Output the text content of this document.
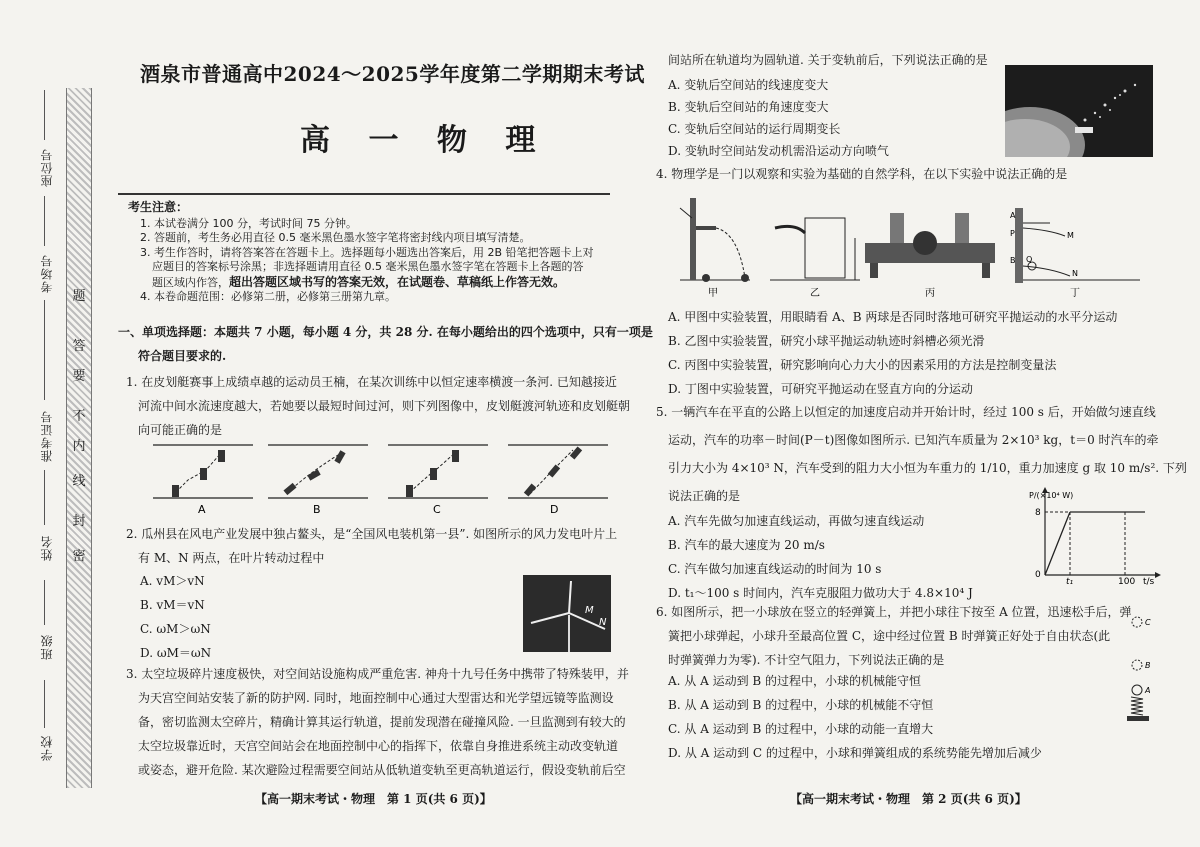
题
答
要
不
内
线
封
密
座位号
考场号
准考证号
姓名
班级
学校
酒泉市普通高中2024～2025学年度第二学期期末考试
高 一 物 理
考生注意：
1. 本试卷满分 100 分，考试时间 75 分钟。
2. 答题前，考生务必用直径 0.5 毫米黑色墨水签字笔将密封线内项目填写清楚。
3. 考生作答时，请将答案答在答题卡上。选择题每小题选出答案后，用 2B 铅笔把答题卡上对
应题目的答案标号涂黑；非选择题请用直径 0.5 毫米黑色墨水签字笔在答题卡上各题的答
题区域内作答，超出答题区域书写的答案无效，在试题卷、草稿纸上作答无效。
4. 本卷命题范围：必修第二册，必修第三册第九章。
一、单项选择题：本题共 7 小题，每小题 4 分，共 28 分. 在每小题给出的四个选项中，只有一项是
符合题目要求的.
1. 在皮划艇赛事上成绩卓越的运动员王楠，在某次训练中以恒定速率横渡一条河. 已知越接近
河流中间水流速度越大，若她要以最短时间过河，则下列图像中，皮划艇渡河轨迹和皮划艇朝
向可能正确的是
A	B	C	D
2. 瓜州县在风电产业发展中独占鳌头，是“全国风电装机第一县”. 如图所示的风力发电叶片上
有 M、N 两点，在叶片转动过程中
A. vM＞vN
B. vM＝vN
C. ωM＞ωN
D. ωM＝ωN
M
N
3. 太空垃圾碎片速度极快，对空间站设施构成严重危害. 神舟十九号任务中携带了特殊装甲，并
为天宫空间站安装了新的防护网. 同时，地面控制中心通过大型雷达和光学望远镜等监测设
备，密切监测太空碎片，精确计算其运行轨道，提前发现潜在碰撞风险. 一旦监测到有较大的
太空垃圾靠近时，天宫空间站会在地面控制中心的指挥下，依靠自身推进系统主动改变轨道
或姿态，避开危险. 某次避险过程需要空间站从低轨道变轨至更高轨道运行，假设变轨前后空
【高一期末考试・物理　第 1 页(共 6 页)】
间站所在轨道均为圆轨道. 关于变轨前后，下列说法正确的是
A. 变轨后空间站的线速度变大
B. 变轨后空间站的角速度变大
C. 变轨后空间站的运行周期变长
D. 变轨时空间站发动机需沿运动方向喷气
4. 物理学是一门以观察和实验为基础的自然学科，在以下实验中说法正确的是
甲	乙	丙
A
P	M
B Q
N
丁
A. 甲图中实验装置，用眼睛看 A、B 两球是否同时落地可研究平抛运动的水平分运动
B. 乙图中实验装置，研究小球平抛运动轨迹时斜槽必须光滑
C. 丙图中实验装置，研究影响向心力大小的因素采用的方法是控制变量法
D. 丁图中实验装置，可研究平抛运动在竖直方向的分运动
5. 一辆汽车在平直的公路上以恒定的加速度启动并开始计时，经过 100 s 后，开始做匀速直线
运动，汽车的功率－时间(P－t)图像如图所示. 已知汽车质量为 2×10³ kg，t＝0 时汽车的牵
引力大小为 4×10³ N，汽车受到的阻力大小恒为车重力的 1/10，重力加速度 g 取 10 m/s². 下列
说法正确的是
A. 汽车先做匀加速直线运动，再做匀速直线运动
B. 汽车的最大速度为 20 m/s
C. 汽车做匀加速直线运动的时间为 10 s
D. t₁～100 s 时间内，汽车克服阻力做功大于 4.8×10⁴ J
P/(×10⁴ W)
8
0
t₁	100 t/s
6. 如图所示，把一小球放在竖立的轻弹簧上，并把小球往下按至 A 位置，迅速松手后，弹
簧把小球弹起，小球升至最高位置 C，途中经过位置 B 时弹簧正好处于自由状态(此
时弹簧弹力为零). 不计空气阻力，下列说法正确的是
A. 从 A 运动到 B 的过程中，小球的机械能守恒
B. 从 A 运动到 B 的过程中，小球的机械能不守恒
C. 从 A 运动到 B 的过程中，小球的动能一直增大
D. 从 A 运动到 C 的过程中，小球和弹簧组成的系统势能先增加后减少
C
B
A
【高一期末考试・物理　第 2 页(共 6 页)】
